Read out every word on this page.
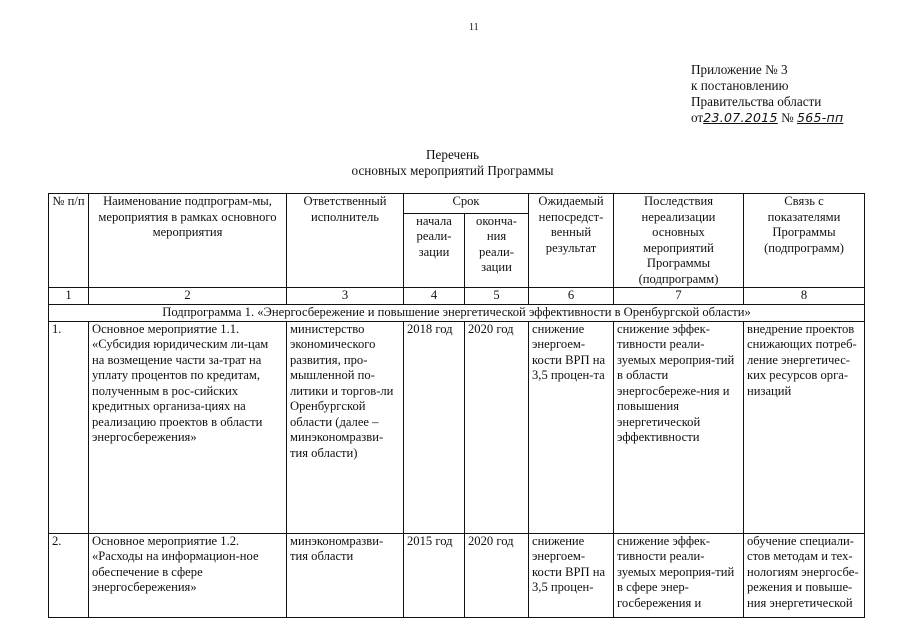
11
Приложение № 3
к постановлению
Правительства области
от23.07.2015 № 565-пп
Перечень
основных мероприятий Программы
№ п/п	Наименование подпрограм-мы, мероприятия в рамках основного мероприятия	Ответственный исполнитель	Срок		Ожидаемый непосредст-венный результат	Последствия нереализации основных мероприятий Программы (подпрограмм)	Связь с показателями Программы (подпрограмм)
			начала реали-зации	оконча-ния реали-зации			
1	2	3	4	5	6	7	8
Подпрограмма 1. «Энергосбережение и повышение энергетической эффективности в Оренбургской области»							
1.	Основное мероприятие 1.1. «Субсидия юридическим ли-цам на возмещение части за-трат на уплату процентов по кредитам, полученным в рос-сийских кредитных организа-циях на реализацию проектов в области энергосбережения»	министерство экономического развития, про-мышленной по-литики и торгов-ли Оренбургской области (далее – минэкономразви-тия области)	2018 год	2020 год	снижение энергоем-кости ВРП на 3,5 процен-та	снижение эффек-тивности реали-зуемых мероприя-тий в области энергосбереже-ния и повышения энергетической эффективности	внедрение проектов снижающих потреб-ление энергетичес-ких ресурсов орга-низаций

2.	Основное мероприятие 1.2. «Расходы на информацион-ное обеспечение в сфере энергосбережения»	минэкономразви-тия области	2015 год	2020 год	снижение энергоем-кости ВРП на 3,5 процен-	снижение эффек-тивности реали-зуемых мероприя-тий в сфере энер-госбережения и	обучение специали-стов методам и тех-нологиям энергосбе-режения и повыше-ния энергетической
